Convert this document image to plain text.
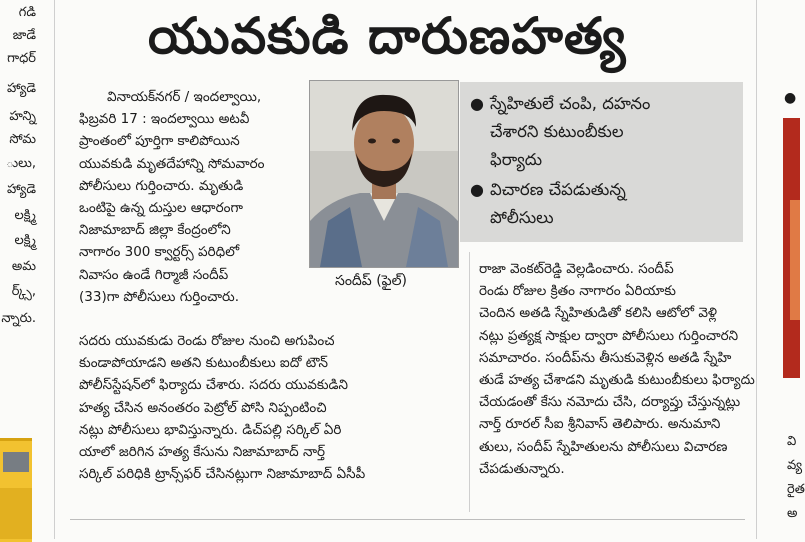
గడి
జాడే
గాధర్
హ్యాడె
హన్ని
సోమ
ులు,
హ్యాడె
లక్ష్మి
లక్ష్మి
అమ
ర్క్స్,
న్నారు.
యువకుడి దారుణహత్య
వినాయక్‌నగర్ / ఇందల్వాయి,
ఫిబ్రవరి 17 : ఇందల్వాయి అటవీ
ప్రాంతంలో పూర్తిగా కాలిపోయిన
యువకుడి మృతదేహాన్ని సోమవారం
పోలీసులు గుర్తించారు. మృతుడి
ఒంటిపై ఉన్న దుస్తుల ఆధారంగా
నిజామాబాద్ జిల్లా కేంద్రంలోని
నాగారం 300 క్వార్టర్స్ పరిధిలో
నివాసం ఉండే గిర్మాజీ సందీప్
(33)గా పోలీసులు గుర్తించారు.
సదరు యువకుడు రెండు రోజుల నుంచి అగుపించ
కుండాపోయాడని అతని కుటుంబీకులు ఐదో టౌన్
పోలీస్‌స్టేషన్‌లో ఫిర్యాదు చేశారు. సదరు యువకుడిని
హత్య చేసిన అనంతరం పెట్రోల్ పోసి నిప్పంటించి
నట్లు పోలీసులు భావిస్తున్నారు. డిచ్‌పల్లి సర్కిల్ ఏరి
యాలో జరిగిన హత్య కేసును నిజామాబాద్ నార్త్
సర్కిల్ పరిధికి ట్రాన్స్‌ఫర్ చేసినట్లుగా నిజామాబాద్ ఏసీపీ
రాజా వెంకట్‌రెడ్డి వెల్లడించారు. సందీప్
రెండు రోజుల క్రితం నాగారం ఏరియాకు
చెందిన అతడి స్నేహితుడితో కలిసి ఆటోలో వెళ్లి
నట్లు ప్రత్యక్ష సాక్షుల ద్వారా పోలీసులు గుర్తించారని
సమాచారం. సందీప్‌ను తీసుకువెళ్లిన అతడి స్నేహి
తుడే హత్య చేశాడని మృతుడి కుటుంబీకులు ఫిర్యాదు
చేయడంతో కేసు నమోదు చేసి, దర్యాప్తు చేస్తున్నట్లు
నార్త్ రూరల్ సీఐ శ్రీనివాస్ తెలిపారు. అనుమాని
తులు, సందీప్ స్నేహితులను పోలీసులు విచారణ
చేపడుతున్నారు.
సందీప్ (ఫైల్)
● స్నేహితులే చంపి, దహనం
చేశారని కుటుంబీకుల
ఫిర్యాదు
● విచారణ చేపడుతున్న
పోలీసులు
●
వి
వ్య
రైత
అ
